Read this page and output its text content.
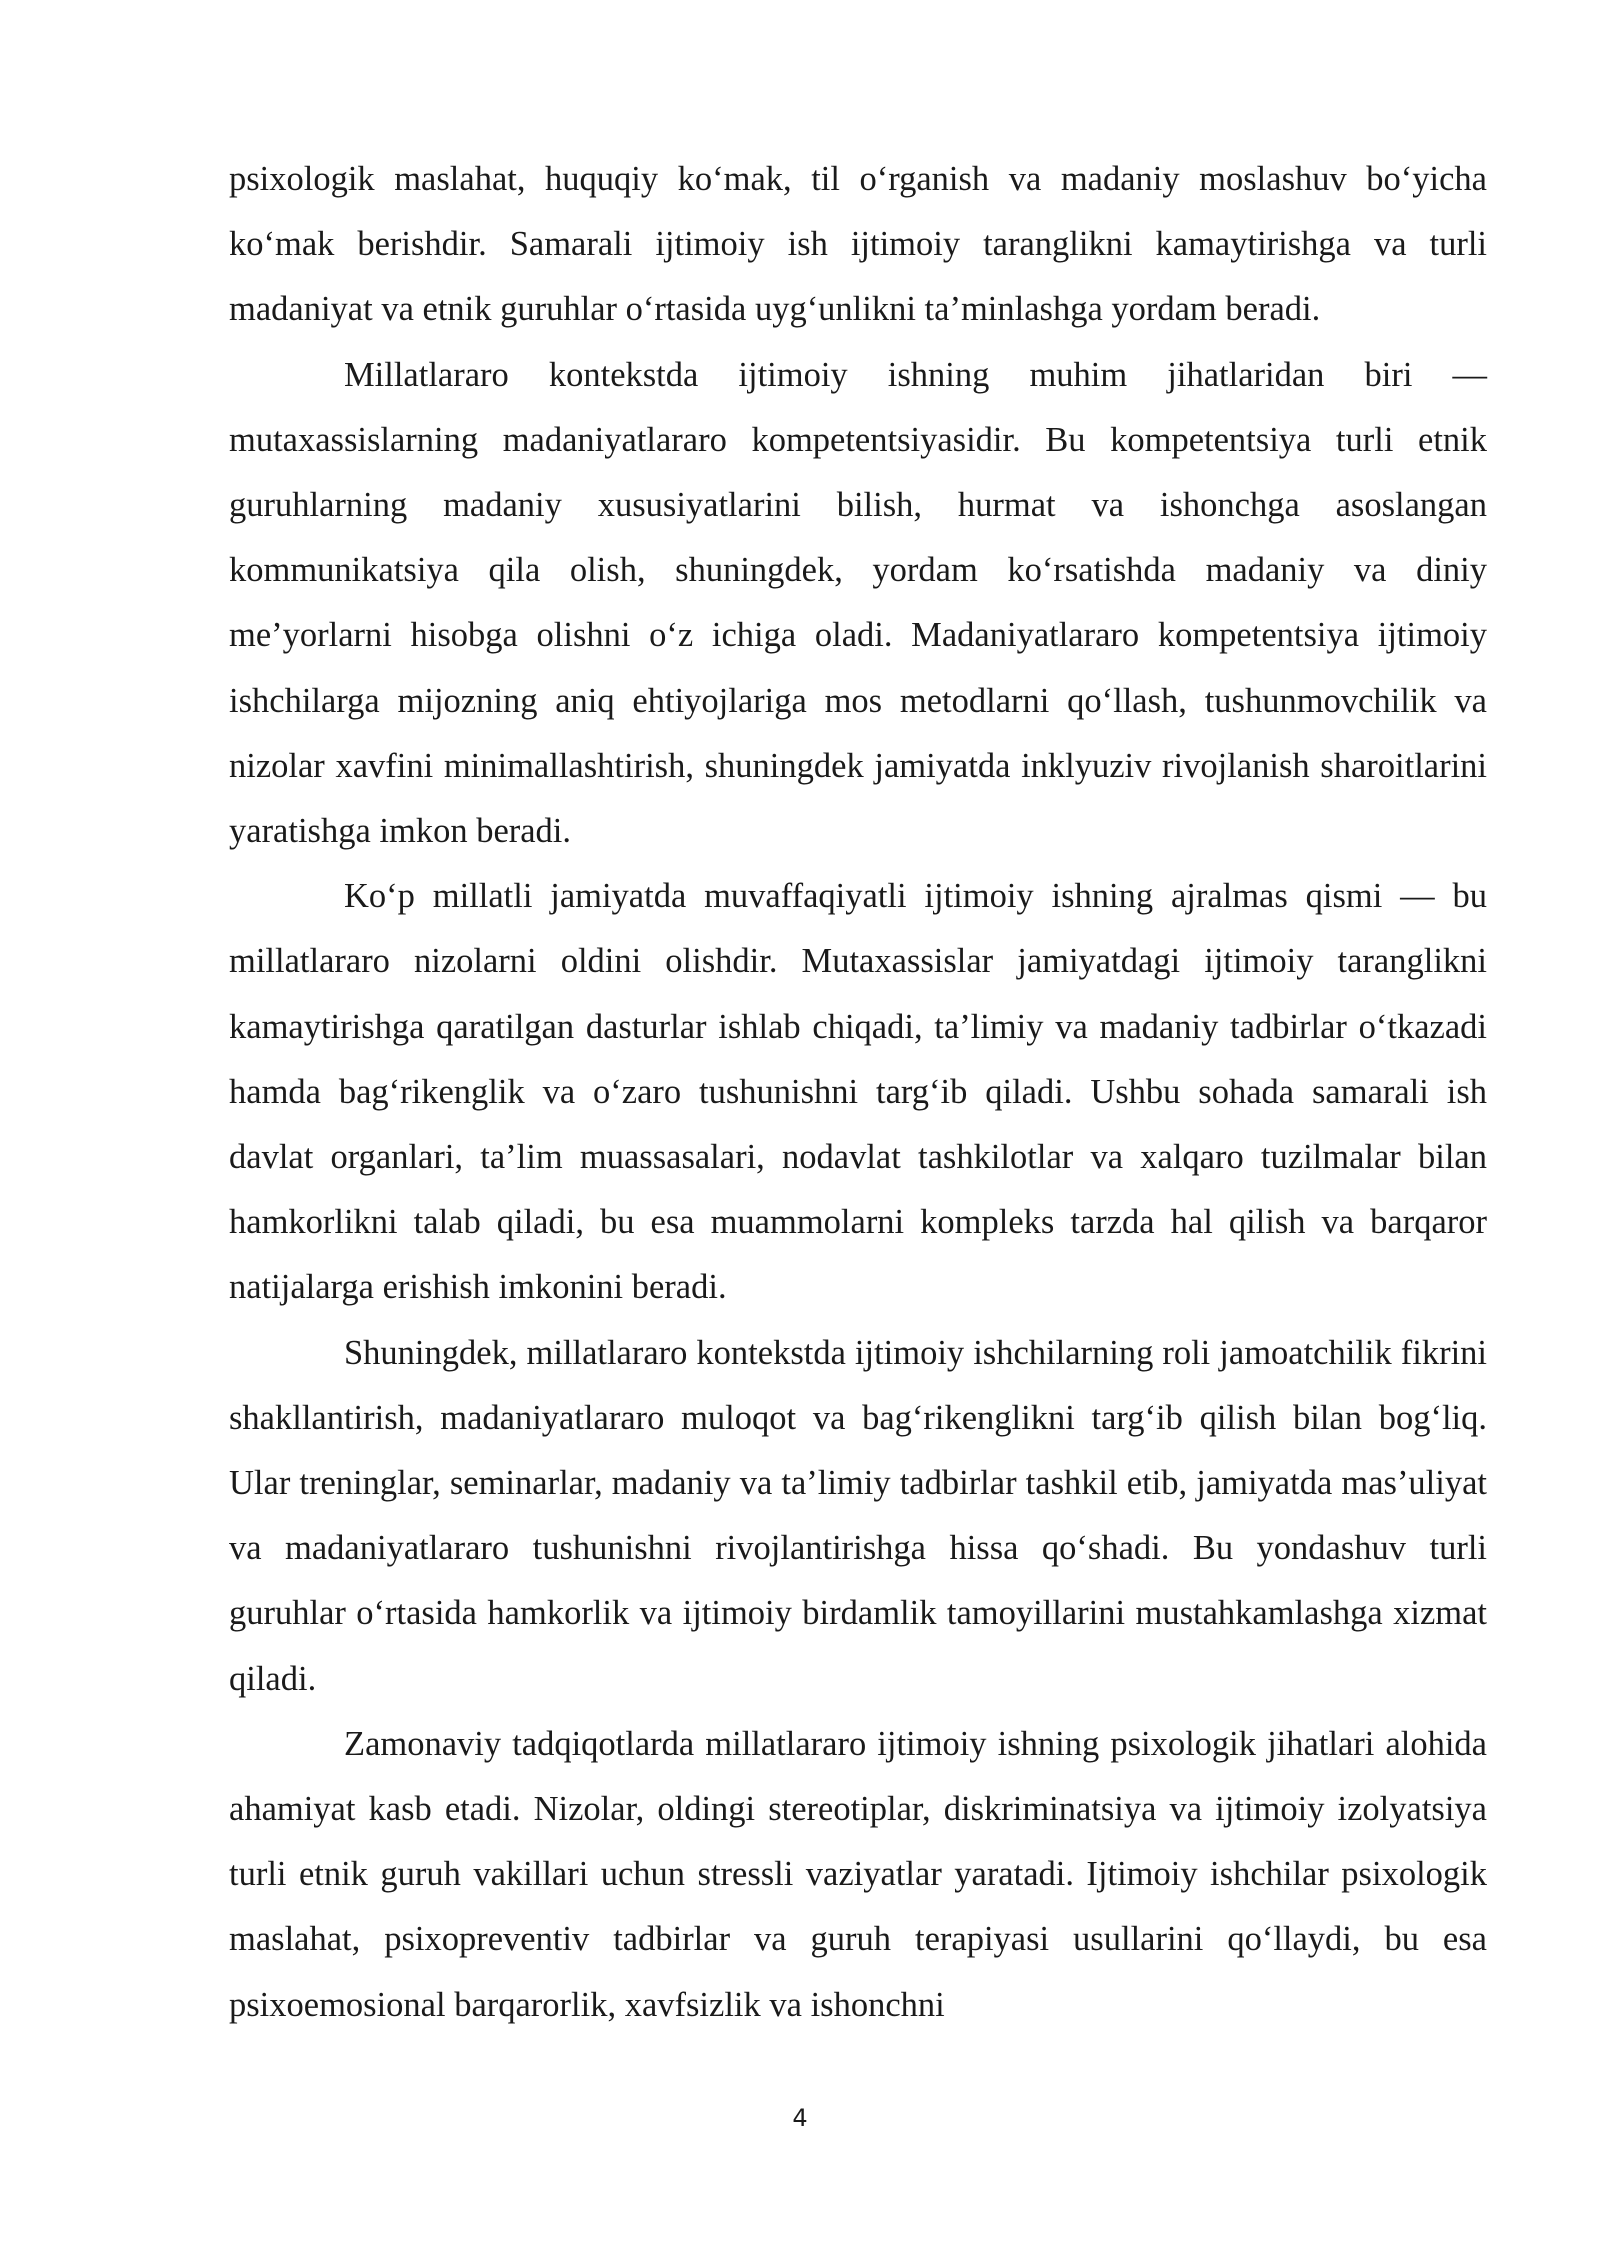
psixologik maslahat, huquqiy ko‘mak, til o‘rganish va madaniy moslashuv bo‘yicha ko‘mak berishdir. Samarali ijtimoiy ish ijtimoiy taranglikni kamaytirishga va turli madaniyat va etnik guruhlar o‘rtasida uyg‘unlikni ta’minlashga yordam beradi.

Millatlararo kontekstda ijtimoiy ishning muhim jihatlaridan biri — mutaxassislarning madaniyatlararo kompetentsiyasidir. Bu kompetentsiya turli etnik guruhlarning madaniy xususiyatlarini bilish, hurmat va ishonchga asoslangan kommunikatsiya qila olish, shuningdek, yordam ko‘rsatishda madaniy va diniy me’yorlarni hisobga olishni o‘z ichiga oladi. Madaniyatlararo kompetentsiya ijtimoiy ishchilarga mijozning aniq ehtiyojlariga mos metodlarni qo‘llash, tushunmovchilik va nizolar xavfini minimallashtirish, shuningdek jamiyatda inklyuziv rivojlanish sharoitlarini yaratishga imkon beradi.

Ko‘p millatli jamiyatda muvaffaqiyatli ijtimoiy ishning ajralmas qismi — bu millatlararo nizolarni oldini olishdir. Mutaxassislar jamiyatdagi ijtimoiy taranglikni kamaytirishga qaratilgan dasturlar ishlab chiqadi, ta’limiy va madaniy tadbirlar o‘tkazadi hamda bag‘rikenglik va o‘zaro tushunishni targ‘ib qiladi. Ushbu sohada samarali ish davlat organlari, ta’lim muassasalari, nodavlat tashkilotlar va xalqaro tuzilmalar bilan hamkorlikni talab qiladi, bu esa muammolarni kompleks tarzda hal qilish va barqaror natijalarga erishish imkonini beradi.

Shuningdek, millatlararo kontekstda ijtimoiy ishchilarning roli jamoatchilik fikrini shakllantirish, madaniyatlararo muloqot va bag‘rikenglikni targ‘ib qilish bilan bog‘liq. Ular treninglar, seminarlar, madaniy va ta’limiy tadbirlar tashkil etib, jamiyatda mas’uliyat va madaniyatlararo tushunishni rivojlantirishga hissa qo‘shadi. Bu yondashuv turli guruhlar o‘rtasida hamkorlik va ijtimoiy birdamlik tamoyillarini mustahkamlashga xizmat qiladi.

Zamonaviy tadqiqotlarda millatlararo ijtimoiy ishning psixologik jihatlari alohida ahamiyat kasb etadi. Nizolar, oldingi stereotiplar, diskriminatsiya va ijtimoiy izolyatsiya turli etnik guruh vakillari uchun stressli vaziyatlar yaratadi. Ijtimoiy ishchilar psixologik maslahat, psixopreventiv tadbirlar va guruh terapiyasi usullarini qo‘llaydi, bu esa psixoemosional barqarorlik, xavfsizlik va ishonchni

4
